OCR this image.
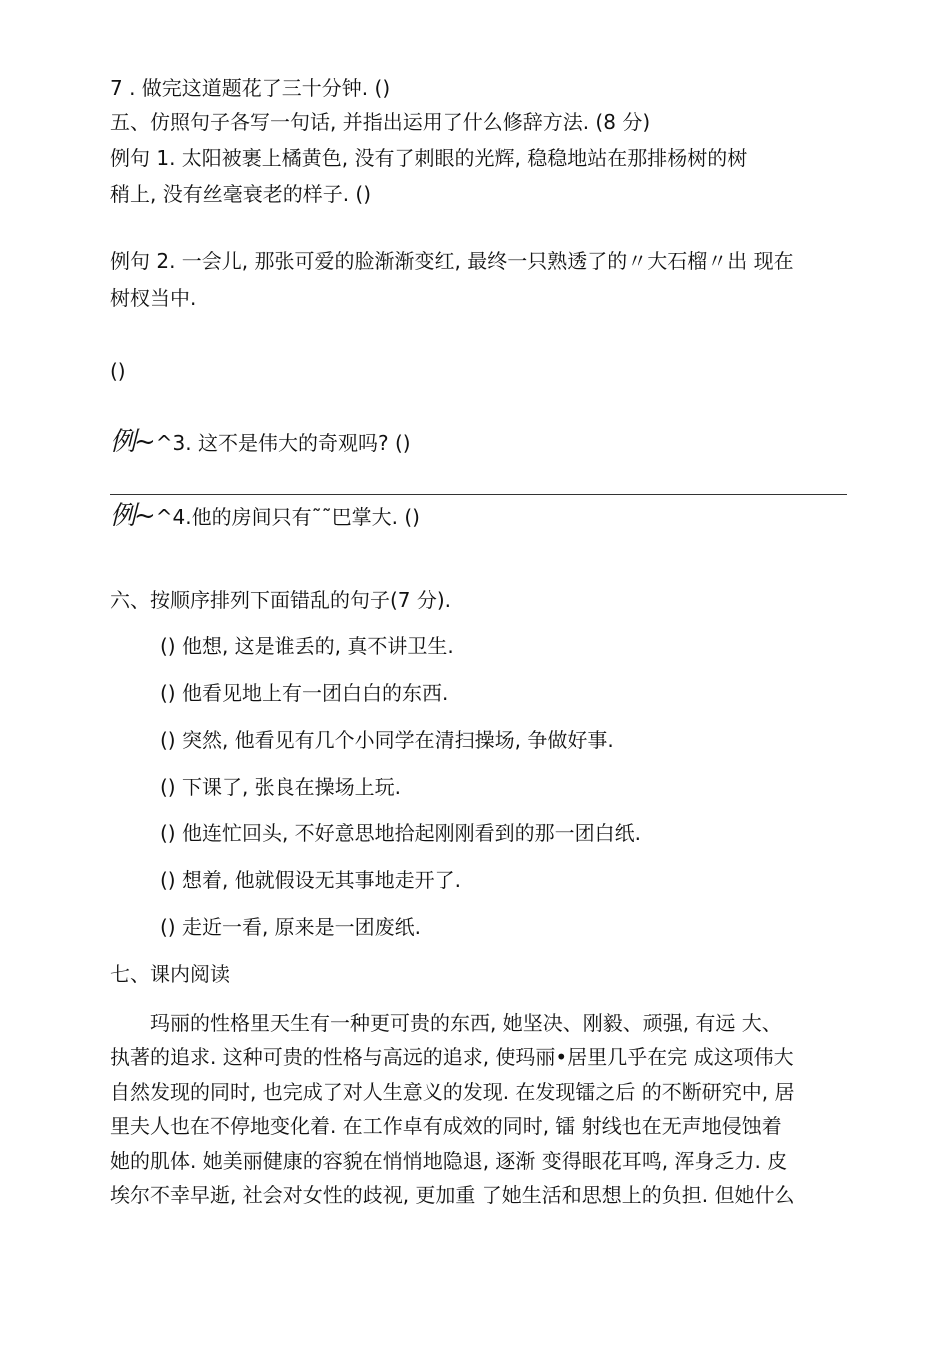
7 . 做完这道题花了三十分钟. ()
五、仿照句子各写一句话, 并指出运用了什么修辞方法. (8 分)
例句 1. 太阳被裹上橘黄色, 没有了刺眼的光辉, 稳稳地站在那排杨树的树
稍上, 没有丝毫衰老的样子. ()
例句 2. 一会儿, 那张可爱的脸渐渐变红, 最终一只熟透了的〃大石榴〃出 现在
树杈当中.
()
例~ ^3. 这不是伟大的奇观吗? ()
例~ ^4.他的房间只有˜˜巴掌大. ()
六、按顺序排列下面错乱的句子(7 分).
() 他想, 这是谁丢的, 真不讲卫生.
() 他看见地上有一团白白的东西.
() 突然, 他看见有几个小同学在清扫操场, 争做好事.
() 下课了, 张良在操场上玩.
() 他连忙回头, 不好意思地拾起刚刚看到的那一团白纸.
() 想着, 他就假设无其事地走开了.
() 走近一看, 原来是一团废纸.
七、课内阅读
　　玛丽的性格里天生有一种更可贵的东西, 她坚决、刚毅、顽强, 有远 大、
执著的追求. 这种可贵的性格与高远的追求, 使玛丽•居里几乎在完 成这项伟大
自然发现的同时, 也完成了对人生意义的发现. 在发现镭之后 的不断研究中, 居
里夫人也在不停地变化着. 在工作卓有成效的同时, 镭 射线也在无声地侵蚀着
她的肌体. 她美丽健康的容貌在悄悄地隐退, 逐渐 变得眼花耳鸣, 浑身乏力. 皮
埃尔不幸早逝, 社会对女性的歧视, 更加重 了她生活和思想上的负担. 但她什么
